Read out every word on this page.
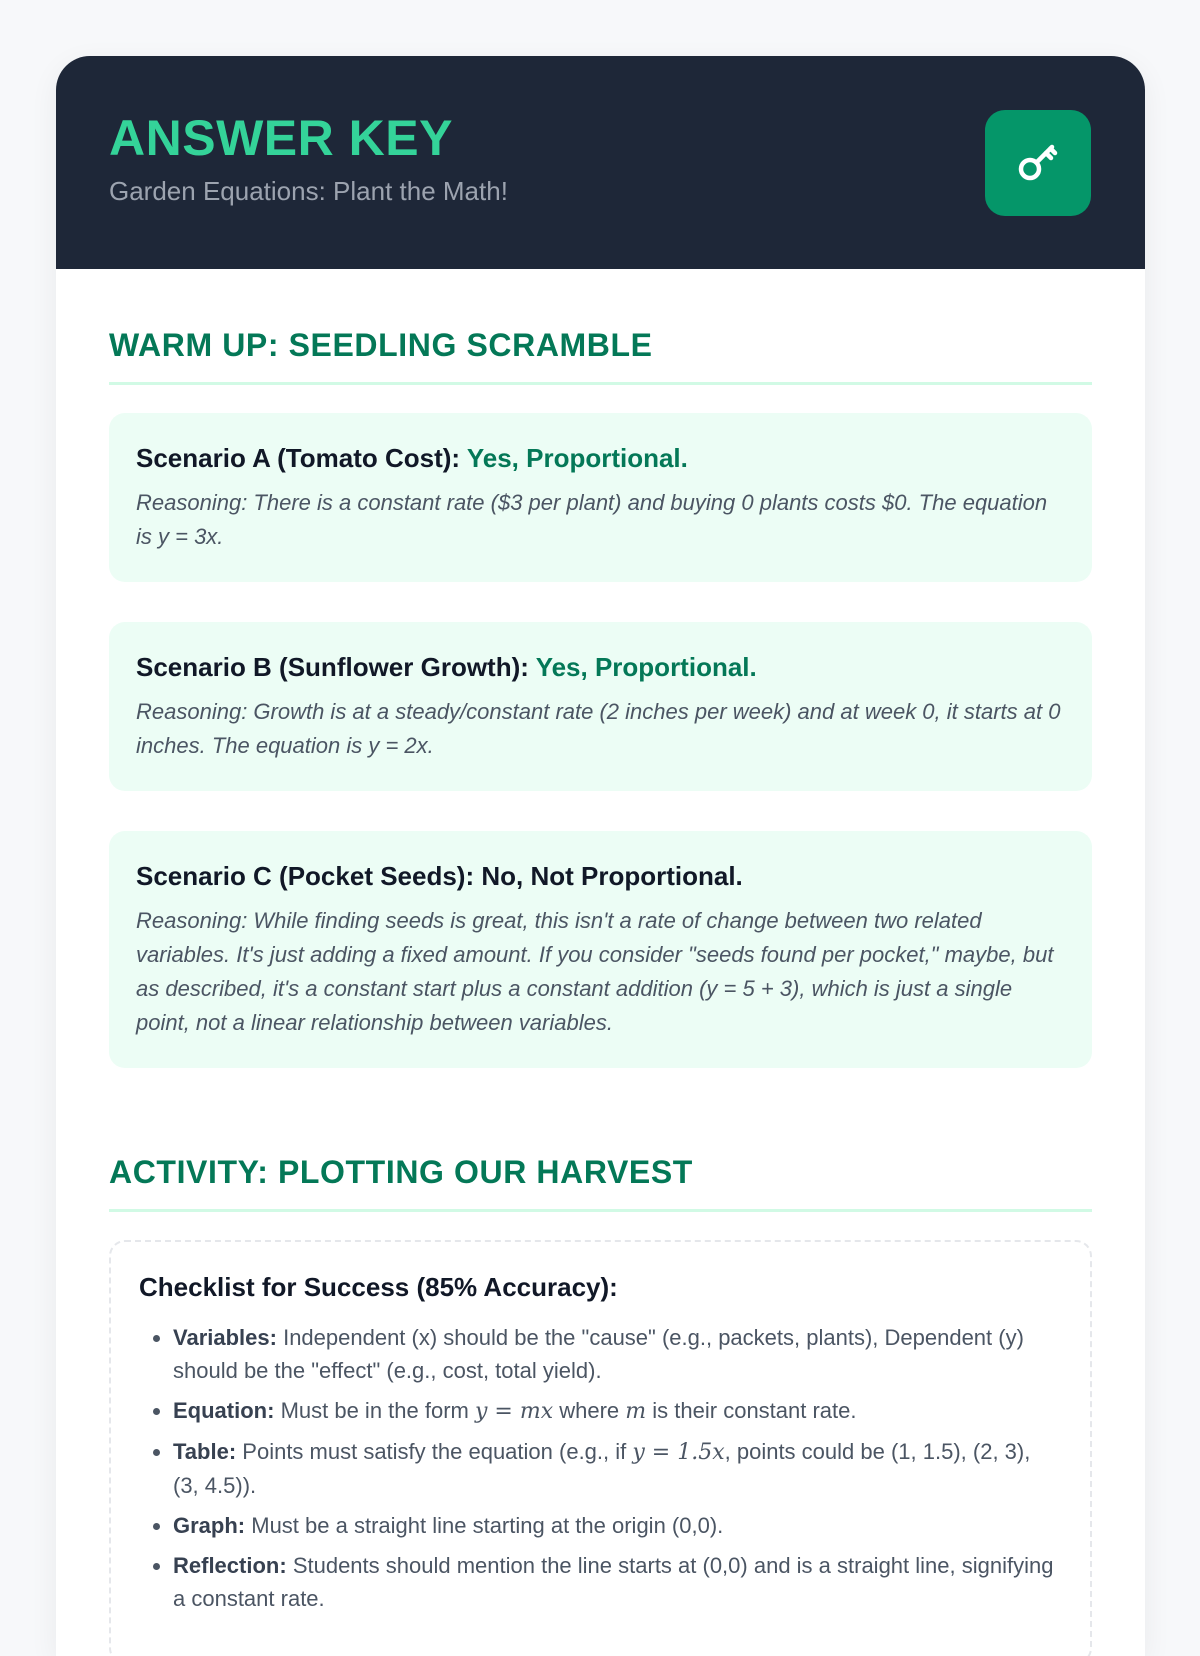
ANSWER KEY

Garden Equations: Plant the Math!

WARM UP: SEEDLING SCRAMBLE

Scenario A (Tomato Cost): Yes, Proportional.

Reasoning: There is a constant rate ($3 per plant) and buying 0 plants costs $0. The equation is y = 3x.

Scenario B (Sunflower Growth): Yes, Proportional.

Reasoning: Growth is at a steady/constant rate (2 inches per week) and at week 0, it starts at 0 inches. The equation is y = 2x.

Scenario C (Pocket Seeds): No, Not Proportional.

Reasoning: While finding seeds is great, this isn't a rate of change between two related variables. It's just adding a fixed amount. If you consider "seeds found per pocket," maybe, but as described, it's a constant start plus a constant addition (y = 5 + 3), which is just a single point, not a linear relationship between variables.

ACTIVITY: PLOTTING OUR HARVEST

Checklist for Success (85% Accuracy):

• Variables: Independent (x) should be the "cause" (e.g., packets, plants), Dependent (y) should be the "effect" (e.g., cost, total yield).
• Equation: Must be in the form y = mx where m is their constant rate.
• Table: Points must satisfy the equation (e.g., if y = 1.5x, points could be (1, 1.5), (2, 3), (3, 4.5)).
• Graph: Must be a straight line starting at the origin (0,0).
• Reflection: Students should mention the line starts at (0,0) and is a straight line, signifying a constant rate.
